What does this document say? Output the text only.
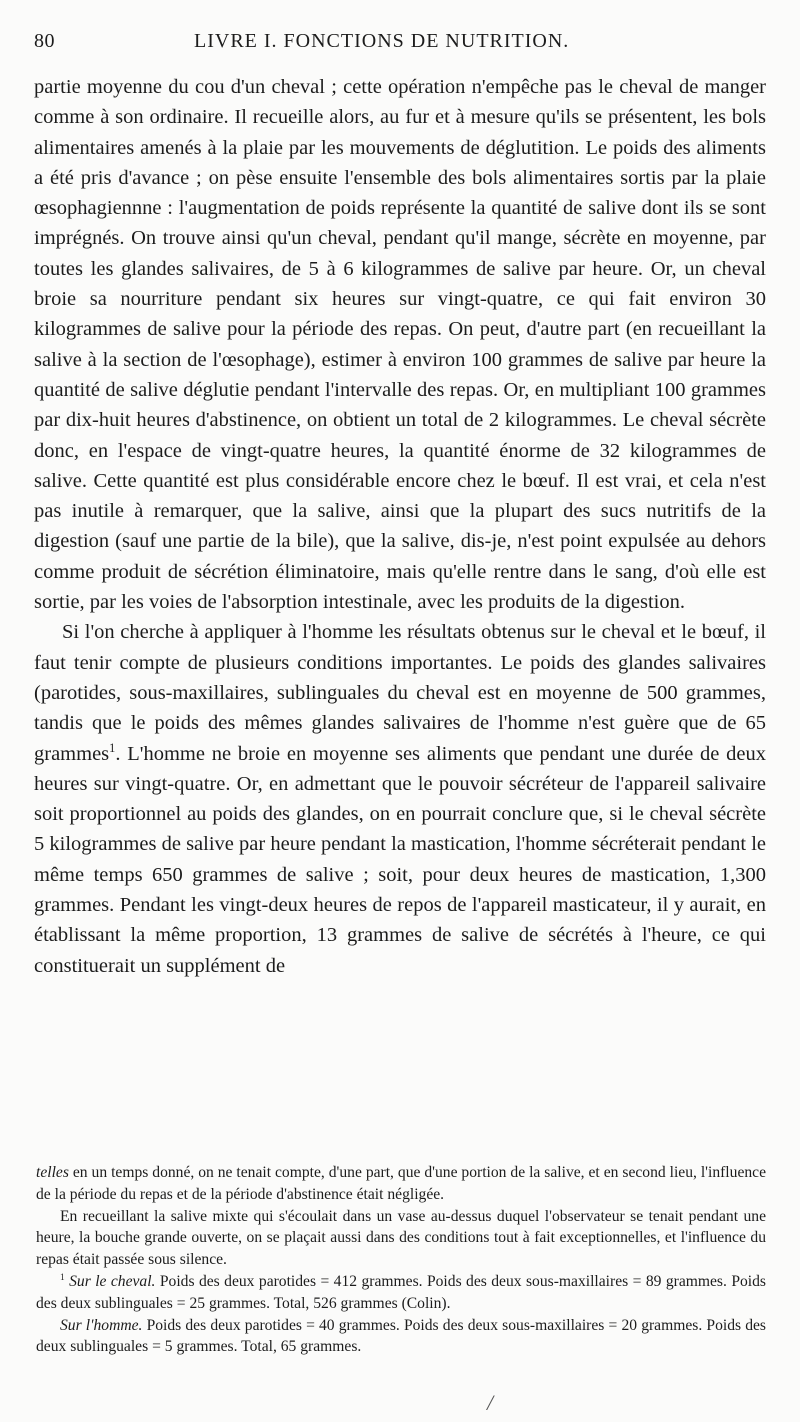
80	LIVRE I. FONCTIONS DE NUTRITION.

partie moyenne du cou d'un cheval ; cette opération n'empêche pas le cheval de manger comme à son ordinaire. Il recueille alors, au fur et à mesure qu'ils se présentent, les bols alimentaires amenés à la plaie par les mouvements de déglutition. Le poids des aliments a été pris d'avance ; on pèse ensuite l'ensemble des bols alimentaires sortis par la plaie œsophagiennne : l'augmentation de poids représente la quantité de salive dont ils se sont imprégnés. On trouve ainsi qu'un cheval, pendant qu'il mange, sécrète en moyenne, par toutes les glandes salivaires, de 5 à 6 kilogrammes de salive par heure. Or, un cheval broie sa nourriture pendant six heures sur vingt-quatre, ce qui fait environ 30 kilogrammes de salive pour la période des repas. On peut, d'autre part (en recueillant la salive à la section de l'œsophage), estimer à environ 100 grammes de salive par heure la quantité de salive déglutie pendant l'intervalle des repas. Or, en multipliant 100 grammes par dix-huit heures d'abstinence, on obtient un total de 2 kilogrammes. Le cheval sécrète donc, en l'espace de vingt-quatre heures, la quantité énorme de 32 kilogrammes de salive. Cette quantité est plus considérable encore chez le bœuf. Il est vrai, et cela n'est pas inutile à remarquer, que la salive, ainsi que la plupart des sucs nutritifs de la digestion (sauf une partie de la bile), que la salive, dis-je, n'est point expulsée au dehors comme produit de sécrétion éliminatoire, mais qu'elle rentre dans le sang, d'où elle est sortie, par les voies de l'absorption intestinale, avec les produits de la digestion.

Si l'on cherche à appliquer à l'homme les résultats obtenus sur le cheval et le bœuf, il faut tenir compte de plusieurs conditions importantes. Le poids des glandes salivaires (parotides, sous-maxillaires, sublinguales du cheval est en moyenne de 500 grammes, tandis que le poids des mêmes glandes salivaires de l'homme n'est guère que de 65 grammes$^1$. L'homme ne broie en moyenne ses aliments que pendant une durée de deux heures sur vingt-quatre. Or, en admettant que le pouvoir sécréteur de l'appareil salivaire soit proportionnel au poids des glandes, on en pourrait conclure que, si le cheval sécrète 5 kilogrammes de salive par heure pendant la mastication, l'homme sécréterait pendant le même temps 650 grammes de salive ; soit, pour deux heures de mastication, 1,300 grammes. Pendant les vingt-deux heures de repos de l'appareil masticateur, il y aurait, en établissant la même proportion, 13 grammes de salive de sécrétés à l'heure, ce qui constituerait un supplément de

telles en un temps donné, on ne tenait compte, d'une part, que d'une portion de la salive, et en second lieu, l'influence de la période du repas et de la période d'abstinence était négligée.

En recueillant la salive mixte qui s'écoulait dans un vase au-dessus duquel l'observateur se tenait pendant une heure, la bouche grande ouverte, on se plaçait aussi dans des conditions tout à fait exceptionnelles, et l'influence du repas était passée sous silence.

$^1$ Sur le cheval. Poids des deux parotides = 412 grammes. Poids des deux sous-maxillaires = 89 grammes. Poids des deux sublinguales = 25 grammes. Total, 526 grammes (Colin).

Sur l'homme. Poids des deux parotides = 40 grammes. Poids des deux sous-maxillaires = 20 grammes. Poids des deux sublinguales = 5 grammes. Total, 65 grammes.

/
